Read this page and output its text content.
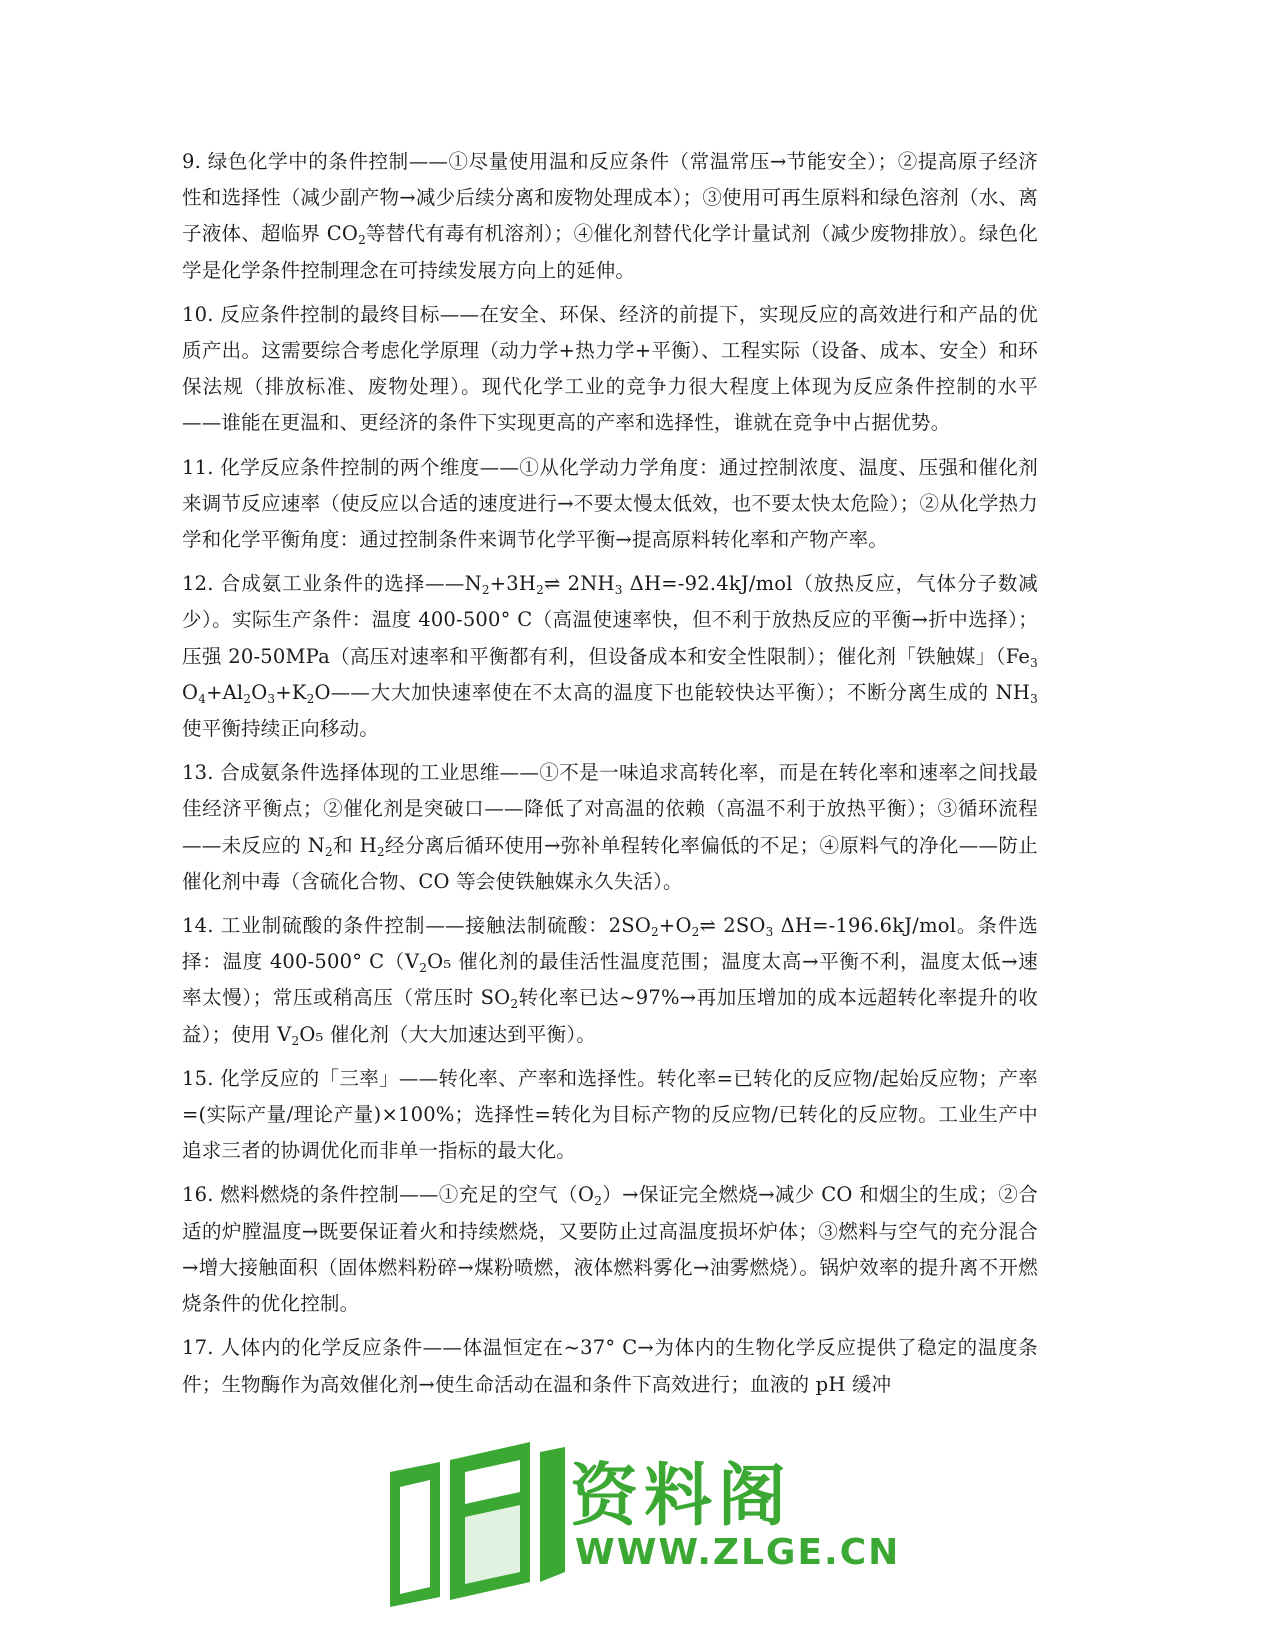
9. 绿色化学中的条件控制——①尽量使用温和反应条件（常温常压→节能安全）；②提高原子经济性和选择性（减少副产物→减少后续分离和废物处理成本）；③使用可再生原料和绿色溶剂（水、离子液体、超临界 $CO_2$等替代有毒有机溶剂）；④催化剂替代化学计量试剂（减少废物排放）。绿色化学是化学条件控制理念在可持续发展方向上的延伸。

10. 反应条件控制的最终目标——在安全、环保、经济的前提下，实现反应的高效进行和产品的优质产出。这需要综合考虑化学原理（动力学+热力学+平衡）、工程实际（设备、成本、安全）和环保法规（排放标准、废物处理）。现代化学工业的竞争力很大程度上体现为反应条件控制的水平——谁能在更温和、更经济的条件下实现更高的产率和选择性，谁就在竞争中占据优势。

11. 化学反应条件控制的两个维度——①从化学动力学角度：通过控制浓度、温度、压强和催化剂来调节反应速率（使反应以合适的速度进行→不要太慢太低效，也不要太快太危险）；②从化学热力学和化学平衡角度：通过控制条件来调节化学平衡→提高原料转化率和产物产率。

12. 合成氨工业条件的选择$——N_2+3H_2\rightleftharpoons$ $2NH_3$ ΔH=-92.4kJ/mol（放热反应，气体分子数减少）。实际生产条件：温度 400-500° C（高温使速率快，但不利于放热反应的平衡→折中选择）；压强 20-50MPa（高压对速率和平衡都有利，但设备成本和安全性限制）；催化剂「铁触媒」（$Fe_3O_4+Al_2O_3+K_2O——$大大加快速率使在不太高的温度下也能较快达平衡）；不断分离生成的 $NH_3$使平衡持续正向移动。

13. 合成氨条件选择体现的工业思维——①不是一味追求高转化率，而是在转化率和速率之间找最佳经济平衡点；②催化剂是突破口——降低了对高温的依赖（高温不利于放热平衡）；③循环流程——未反应的 $N_2$和 $H_2$经分离后循环使用→弥补单程转化率偏低的不足；④原料气的净化——防止催化剂中毒（含硫化合物、CO 等会使铁触媒永久失活）。

14. 工业制硫酸的条件控制——接触法制硫酸：$2SO_2+O_2\rightleftharpoons$ $2SO_3$ ΔH=-196.6kJ/mol。条件选择：温度 400-500° $C(V_2O_5$ 催化剂的最佳活性温度范围；温度太高→平衡不利，温度太低→速率太慢）；常压或稍高压（常压时 $SO_2$转化率已达~97%→再加压增加的成本远超转化率提升的收益）；使用 $V_2O_5$ 催化剂（大大加速达到平衡）。

15. 化学反应的「三率」——转化率、产率和选择性。转化率=已转化的反应物/起始反应物；产率=(实际产量/理论产量)×100%；选择性=转化为目标产物的反应物/已转化的反应物。工业生产中追求三者的协调优化而非单一指标的最大化。

16. 燃料燃烧的条件控制——①充足的空气$(O_2)\to$保证完全燃烧→减少 CO 和烟尘的生成；②合适的炉膛温度→既要保证着火和持续燃烧，又要防止过高温度损坏炉体；③燃料与空气的充分混合→增大接触面积（固体燃料粉碎→煤粉喷燃，液体燃料雾化→油雾燃烧）。锅炉效率的提升离不开燃烧条件的优化控制。

17. 人体内的化学反应条件——体温恒定在~37° C→为体内的生物化学反应提供了稳定的温度条件；生物酶作为高效催化剂→使生命活动在温和条件下高效进行；血液的 pH 缓冲

资料阁
WWW.ZLGE.CN
